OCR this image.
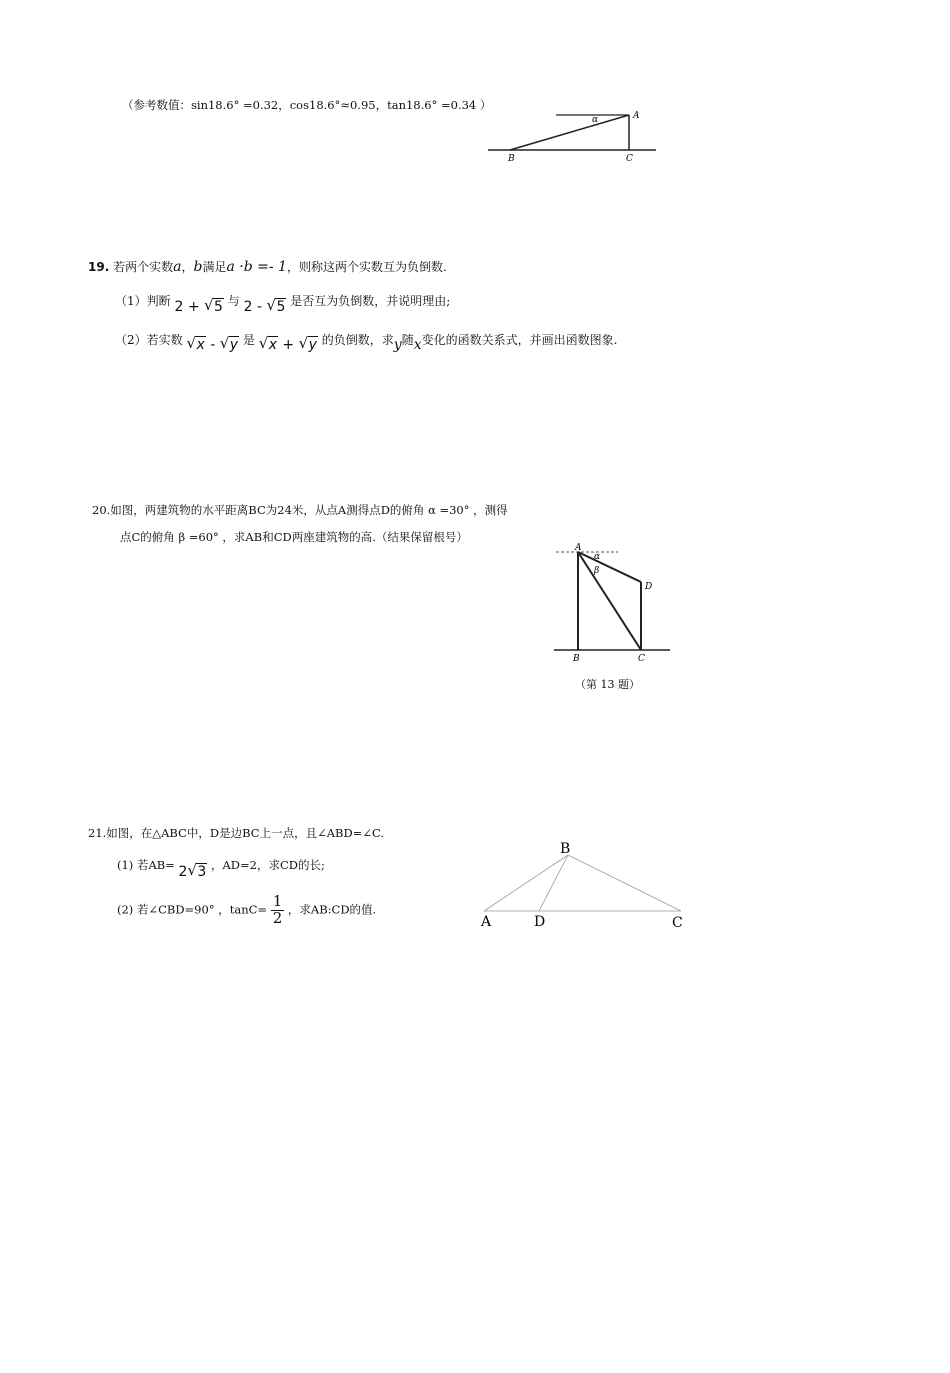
（参考数值：sin18.6° =0.32，cos18.6°≈0.95，tan18.6° =0.34 ）
α	A
B	C
19. 若两个实数a，b满足a ·b =- 1，则称这两个实数互为负倒数.
（1）判断 2 + √ 5 与 2 - √ 5 是否互为负倒数，并说明理由;
（2）若实数 √ x - √ y 是 √ x + √ y 的负倒数，求y随x变化的函数关系式，并画出函数图象.
20.如图，两建筑物的水平距离BC为24米，从点A测得点D的俯角 α =30° ，测得
点C的俯角 β =60° ，求AB和CD两座建筑物的高.（结果保留根号）
A
α
β
D
B	C
（第 13 题）
21.如图，在△ABC中，D是边BC上一点，且∠ABD=∠C.
(1) 若AB= 2 √ 3 ，AD=2，求CD的长;
(2) 若∠CBD=90° ，$\tan C= \frac{1}{2}$ ，求AB:CD的值.
B
A	D	C
